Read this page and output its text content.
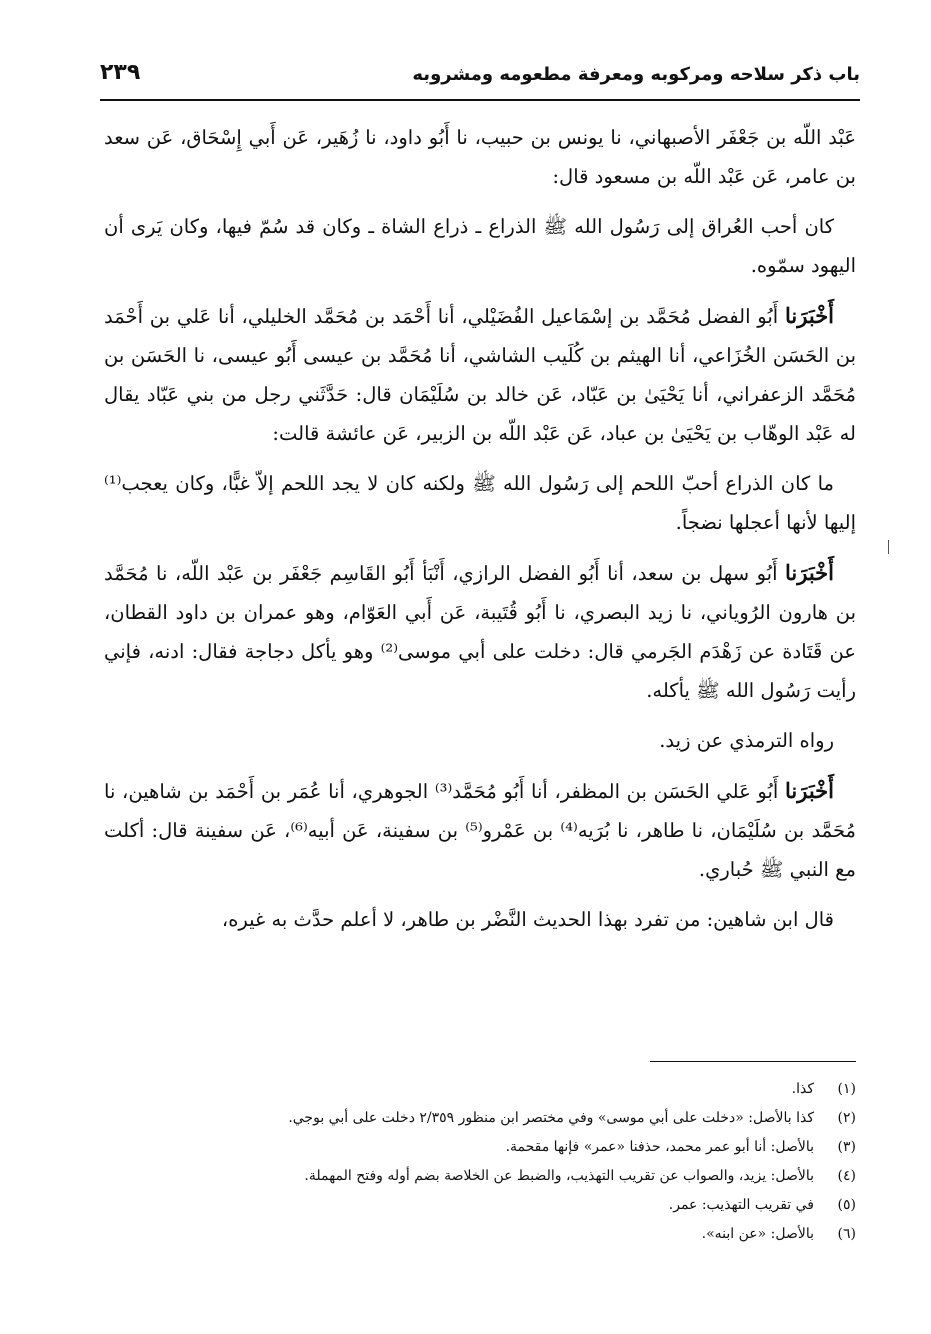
باب ذكر سلاحه ومركوبه ومعرفة مطعومه ومشروبه
٢٣٩

عَبْد اللّه بن جَعْفَر الأصبهاني، نا يونس بن حبيب، نا أَبُو داود، نا زُهَير، عَن أَبي إِسْحَاق، عَن سعد بن عامر، عَن عَبْد اللّه بن مسعود قال:

كان أحب العُراق إلى رَسُول الله ﷺ الذراع ـ ذراع الشاة ـ وكان قد سُمّ فيها، وكان يَرى أن اليهود سمّوه.

أَخْبَرَنا أَبُو الفضل مُحَمَّد بن إسْمَاعيل الفُضَيْلي، أنا أَحْمَد بن مُحَمَّد الخليلي، أنا عَلي بن أَحْمَد بن الحَسَن الخُزَاعي، أنا الهيثم بن كُلَيب الشاشي، أنا مُحَمَّد بن عيسى أَبُو عيسى، نا الحَسَن بن مُحَمَّد الزعفراني، أنا يَحْيَىٰ بن عَبّاد، عَن خالد بن سُلَيْمَان قال: حَدَّثَني رجل من بني عَبّاد يقال له عَبْد الوهّاب بن يَحْيَىٰ بن عباد، عَن عَبْد اللّه بن الزبير، عَن عائشة قالت:

ما كان الذراع أحبّ اللحم إلى رَسُول الله ﷺ ولكنه كان لا يجد اللحم إلاّ غبًّا، وكان يعجب⁽¹⁾ إليها لأنها أعجلها نضجاً.

أَخْبَرَنا أَبُو سهل بن سعد، أنا أَبُو الفضل الرازي، أَنْبَأ أَبُو القَاسِم جَعْفَر بن عَبْد اللّه، نا مُحَمَّد بن هارون الرُوياني، نا زيد البصري، نا أَبُو قُتَيبة، عَن أَبي العَوّام، وهو عمران بن داود القطان، عن قَتَادة عن زَهْدَم الجَرمي قال: دخلت على أبي موسى⁽²⁾ وهو يأكل دجاجة فقال: ادنه، فإني رأيت رَسُول الله ﷺ يأكله.

رواه الترمذي عن زيد.

أَخْبَرَنا أَبُو عَلي الحَسَن بن المظفر، أنا أَبُو مُحَمَّد⁽³⁾ الجوهري، أنا عُمَر بن أَحْمَد بن شاهين، نا مُحَمَّد بن سُلَيْمَان، نا طاهر، نا بُرَيه⁽⁴⁾ بن عَمْرو⁽⁵⁾ بن سفينة، عَن أبيه⁽⁶⁾، عَن سفينة قال: أكلت مع النبي ﷺ حُباري.

قال ابن شاهين: من تفرد بهذا الحديث النَّضْر بن طاهر، لا أعلم حدَّث به غيره،

(١)كذا.
(٢)كذا بالأصل: «دخلت على أبي موسى» وفي مختصر ابن منظور ٢/٣٥٩ دخلت على أبي بوجي.
(٣)بالأصل: أنا أبو عمر محمد، حذفنا «عمر» فإنها مقحمة.
(٤)بالأصل: يزيد، والصواب عن تقريب التهذيب، والضبط عن الخلاصة بضم أوله وفتح المهملة.
(٥)في تقريب التهذيب: عمر.
(٦)بالأصل: «عن ابنه».
